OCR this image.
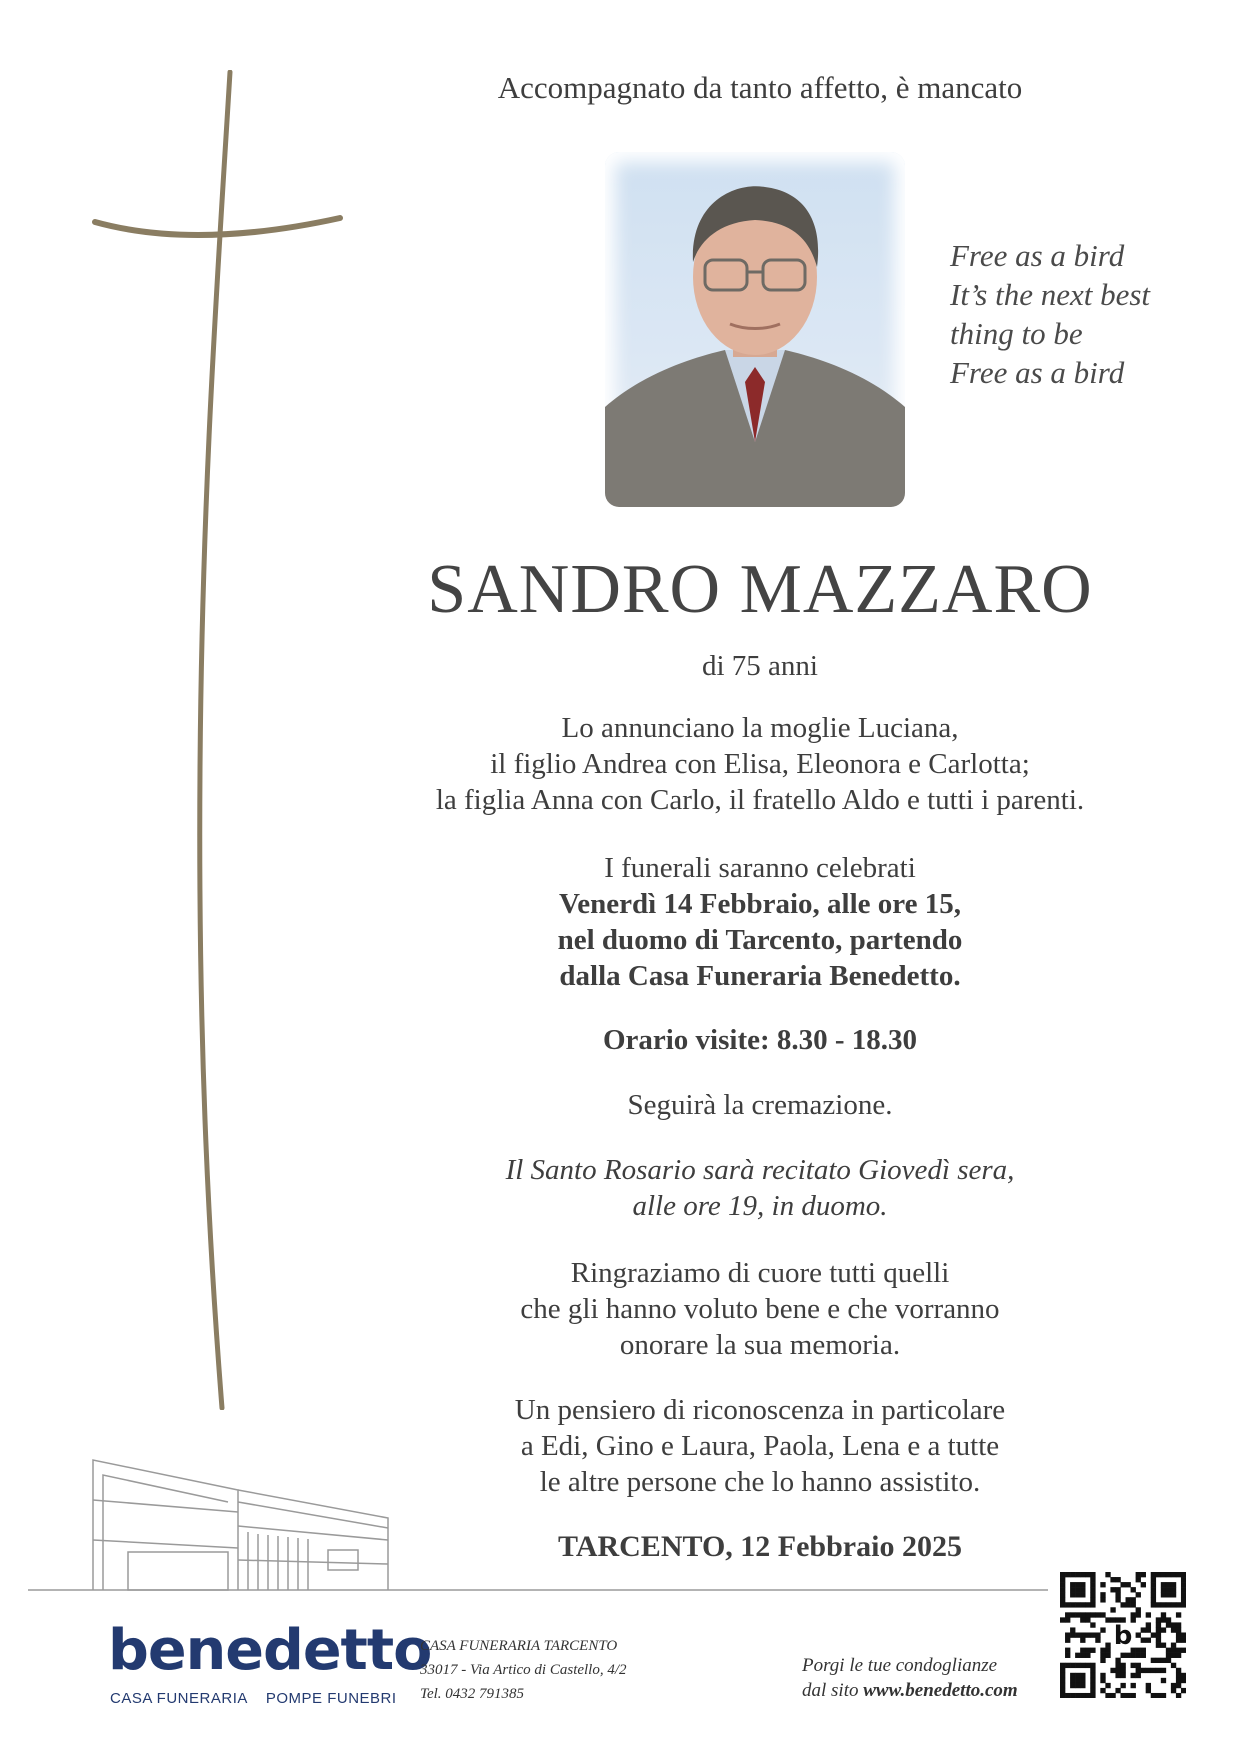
Accompagnato da tanto affetto, è mancato
Free as a bird
It’s the next best
thing to be
Free as a bird
SANDRO MAZZARO
di 75 anni
Lo annunciano la moglie Luciana,
il figlio Andrea con Elisa, Eleonora e Carlotta;
la figlia Anna con Carlo, il fratello Aldo e tutti i parenti.
I funerali saranno celebrati
Venerdì 14 Febbraio, alle ore 15,
nel duomo di Tarcento, partendo
dalla Casa Funeraria Benedetto.
Orario visite: 8.30 - 18.30
Seguirà la cremazione.
Il Santo Rosario sarà recitato Giovedì sera,
alle ore 19, in duomo.
Ringraziamo di cuore tutti quelli
che gli hanno voluto bene e che vorranno
onorare la sua memoria.
Un pensiero di riconoscenza in particolare
a Edi, Gino e Laura, Paola, Lena e a tutte
le altre persone che lo hanno assistito.
TARCENTO, 12 Febbraio 2025
benedetto
CASA FUNERARIA POMPE FUNEBRI
CASA FUNERARIA TARCENTO
33017 - Via Artico di Castello, 4/2
Tel. 0432 791385
Porgi le tue condoglianze
dal sito www.benedetto.com
b
